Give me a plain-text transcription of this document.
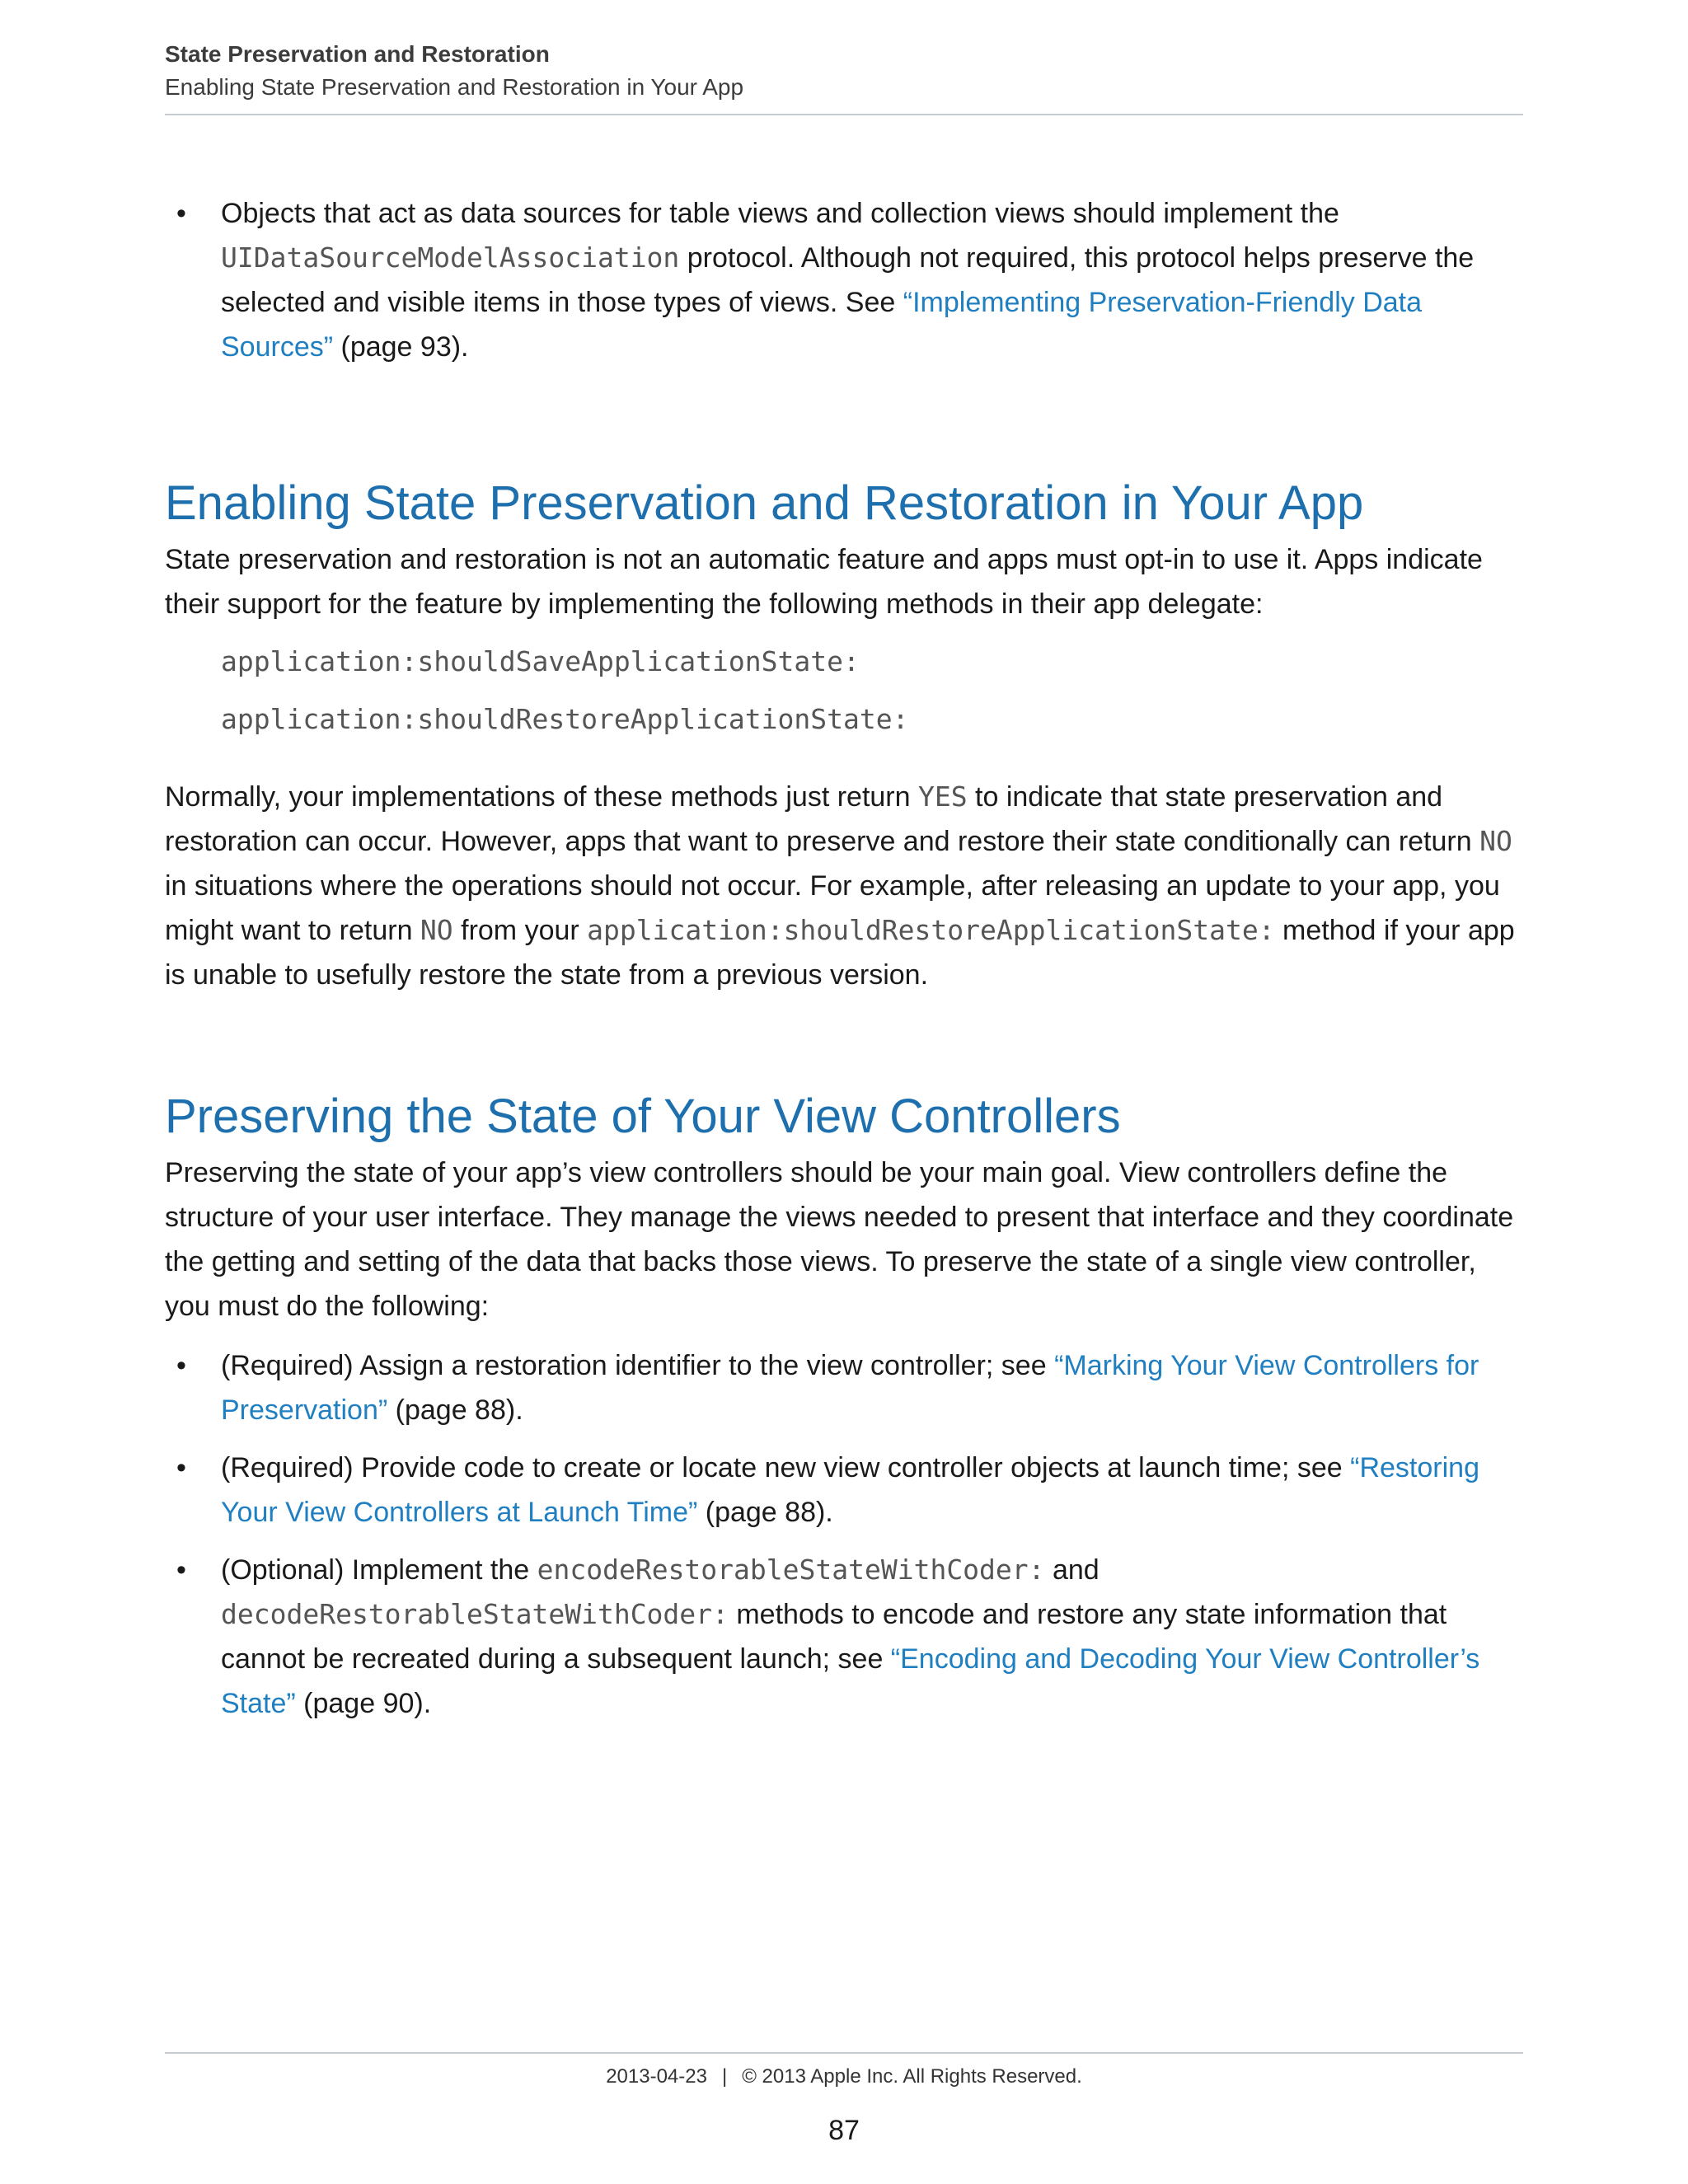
State Preservation and Restoration
Enabling State Preservation and Restoration in Your App
• Objects that act as data sources for table views and collection views should implement the UIDataSourceModelAssociation protocol. Although not required, this protocol helps preserve the selected and visible items in those types of views. See “Implementing Preservation-Friendly Data Sources” (page 93).
Enabling State Preservation and Restoration in Your App

State preservation and restoration is not an automatic feature and apps must opt-in to use it. Apps indicate their support for the feature by implementing the following methods in their app delegate:

application:shouldSaveApplicationState:
application:shouldRestoreApplicationState:

Normally, your implementations of these methods just return YES to indicate that state preservation and restoration can occur. However, apps that want to preserve and restore their state conditionally can return NO in situations where the operations should not occur. For example, after releasing an update to your app, you might want to return NO from your application:shouldRestoreApplicationState: method if your app is unable to usefully restore the state from a previous version.

Preserving the State of Your View Controllers

Preserving the state of your app’s view controllers should be your main goal. View controllers define the structure of your user interface. They manage the views needed to present that interface and they coordinate the getting and setting of the data that backs those views. To preserve the state of a single view controller, you must do the following:

• (Required) Assign a restoration identifier to the view controller; see “Marking Your View Controllers for Preservation” (page 88).
• (Required) Provide code to create or locate new view controller objects at launch time; see “Restoring Your View Controllers at Launch Time” (page 88).
• (Optional) Implement the encodeRestorableStateWithCoder: and decodeRestorableStateWithCoder: methods to encode and restore any state information that cannot be recreated during a subsequent launch; see “Encoding and Decoding Your View Controller’s State” (page 90).
2013-04-23 | © 2013 Apple Inc. All Rights Reserved.
87
